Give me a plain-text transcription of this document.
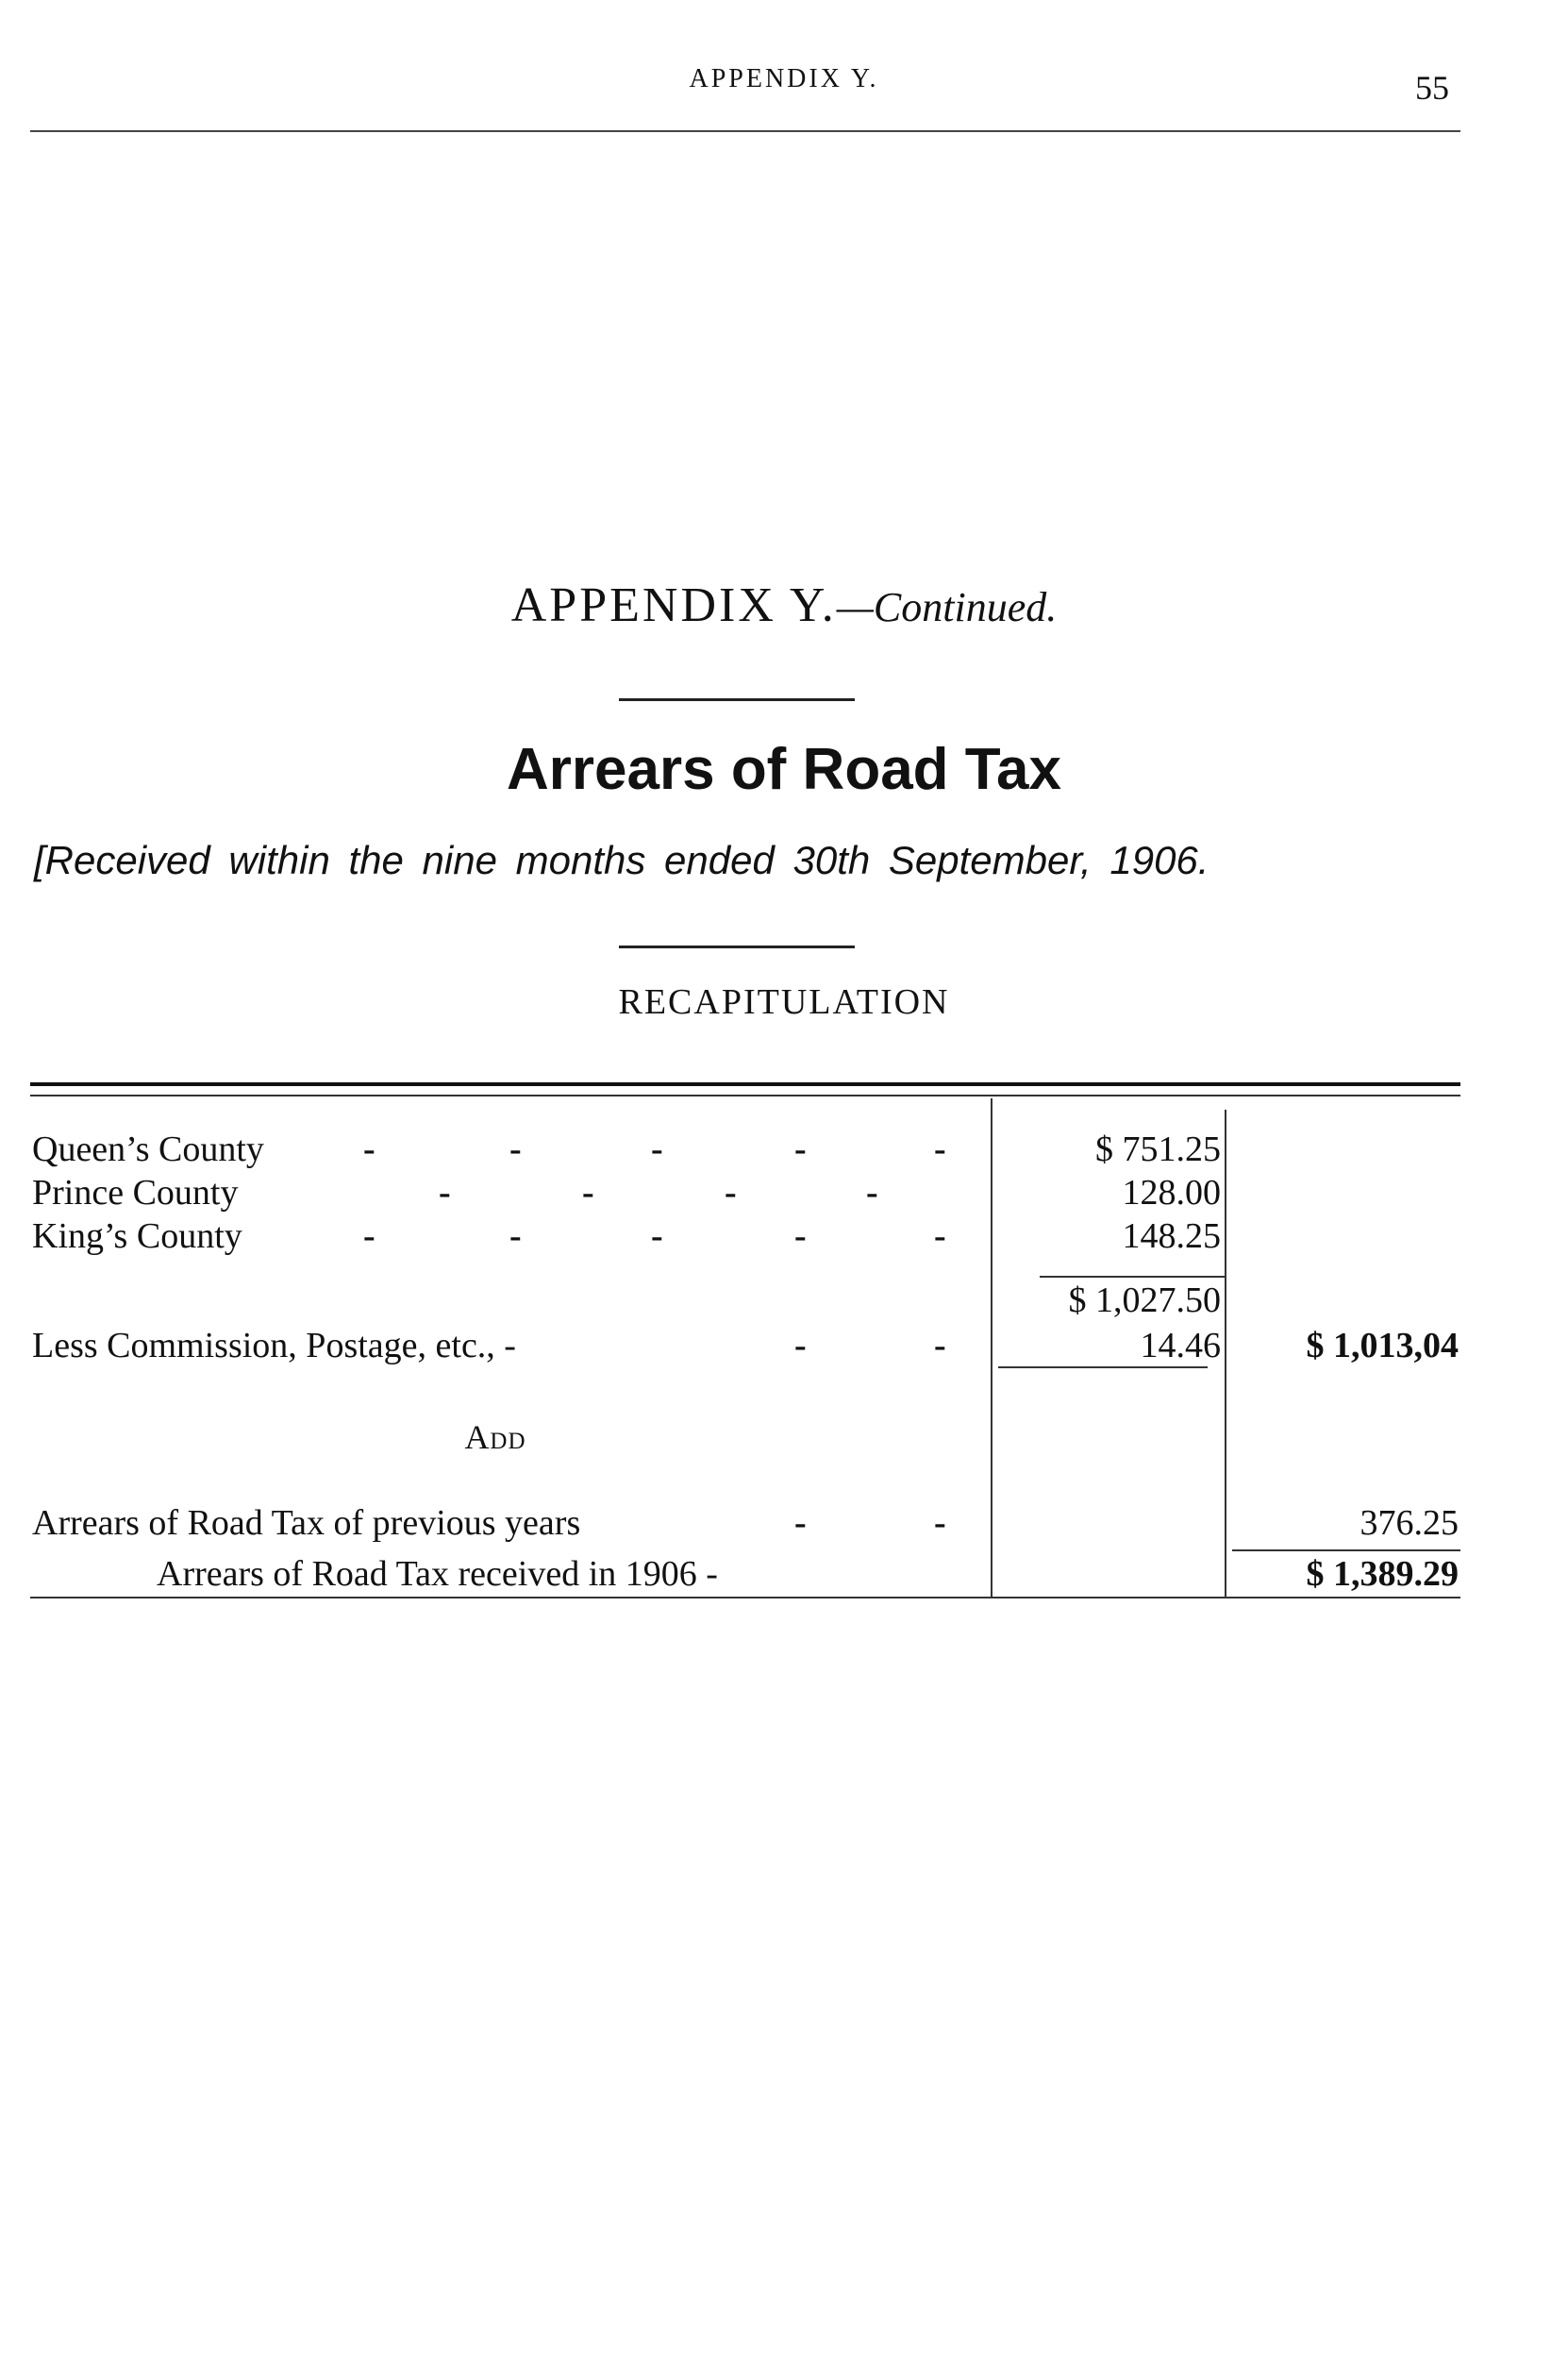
APPENDIX Y.	55
APPENDIX Y.—Continued.
Arrears of Road Tax
[Received within the nine months ended 30th September, 1906.
RECAPITULATION
Queen’s County	-	-	-	-	-	$ 751.25
Prince County	-	-	-	-	128.00
King’s County	-	-	-	-	-	148.25
$ 1,027.50
Less Commission, Postage, etc., -	-	-	14.46	$ 1,013,04
Add
Arrears of Road Tax of previous years	-	-	376.25
Arrears of Road Tax received in 1906 -	$ 1,389.29
